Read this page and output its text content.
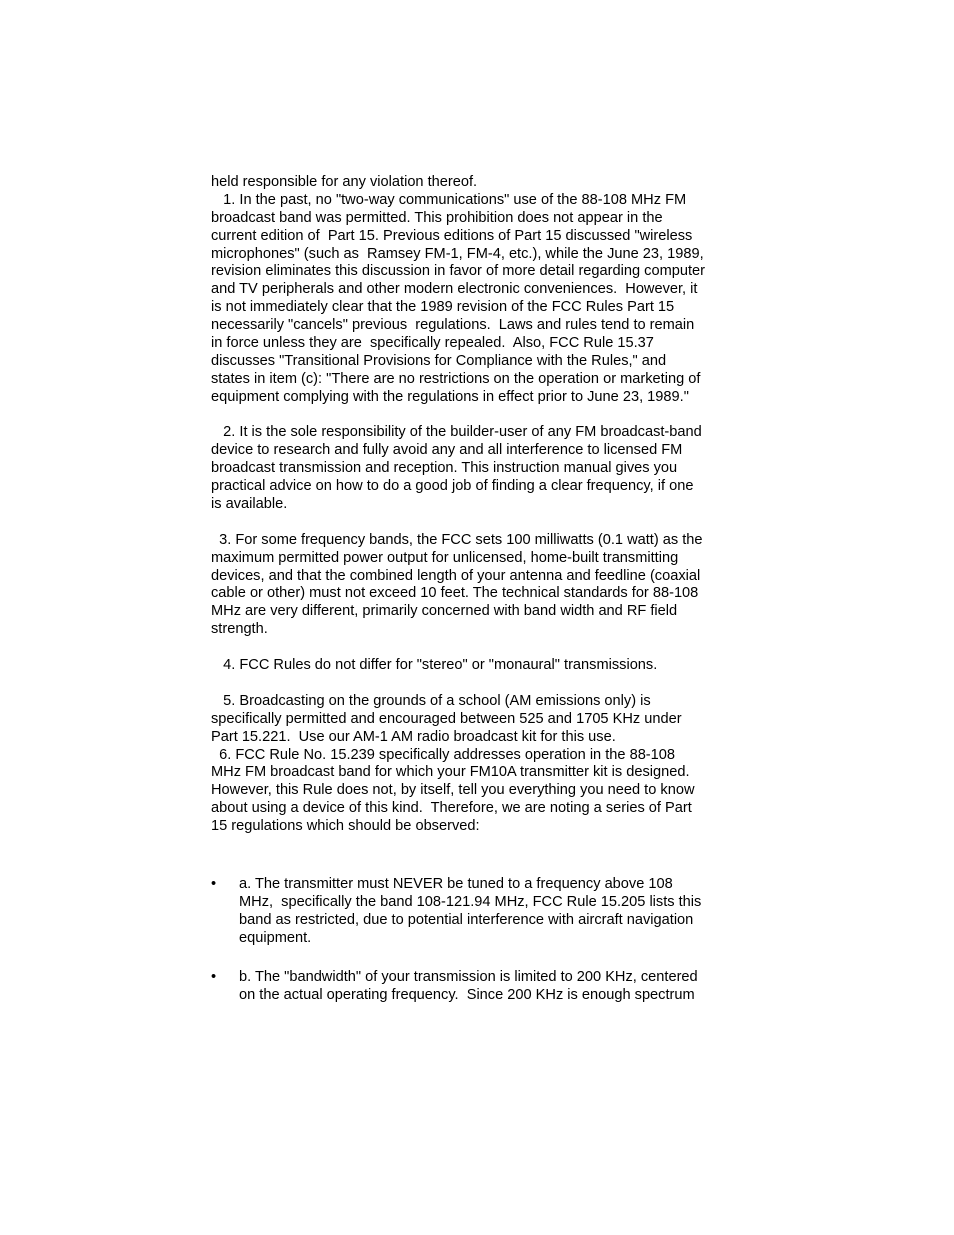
held responsible for any violation thereof.
1. In the past, no "two-way communications" use of the 88-108 MHz FM
broadcast band was permitted. This prohibition does not appear in the
current edition of  Part 15. Previous editions of Part 15 discussed "wireless
microphones" (such as  Ramsey FM-1, FM-4, etc.), while the June 23, 1989,
revision eliminates this discussion in favor of more detail regarding computer
and TV peripherals and other modern electronic conveniences.  However, it
is not immediately clear that the 1989 revision of the FCC Rules Part 15
necessarily "cancels" previous  regulations.  Laws and rules tend to remain
in force unless they are  specifically repealed.  Also, FCC Rule 15.37
discusses "Transitional Provisions for Compliance with the Rules," and
states in item (c): "There are no restrictions on the operation or marketing of
equipment complying with the regulations in effect prior to June 23, 1989."
2. It is the sole responsibility of the builder-user of any FM broadcast-band
device to research and fully avoid any and all interference to licensed FM
broadcast transmission and reception. This instruction manual gives you
practical advice on how to do a good job of finding a clear frequency, if one
is available.
3. For some frequency bands, the FCC sets 100 milliwatts (0.1 watt) as the
maximum permitted power output for unlicensed, home-built transmitting
devices, and that the combined length of your antenna and feedline (coaxial
cable or other) must not exceed 10 feet. The technical standards for 88-108
MHz are very different, primarily concerned with band width and RF field
strength.
4. FCC Rules do not differ for "stereo" or "monaural" transmissions.
5. Broadcasting on the grounds of a school (AM emissions only) is
specifically permitted and encouraged between 525 and 1705 KHz under
Part 15.221.  Use our AM-1 AM radio broadcast kit for this use.
6. FCC Rule No. 15.239 specifically addresses operation in the 88-108
MHz FM broadcast band for which your FM10A transmitter kit is designed.
However, this Rule does not, by itself, tell you everything you need to know
about using a device of this kind.  Therefore, we are noting a series of Part
15 regulations which should be observed:
• a. The transmitter must NEVER be tuned to a frequency above 108
MHz,  specifically the band 108-121.94 MHz, FCC Rule 15.205 lists this
band as restricted, due to potential interference with aircraft navigation
equipment.
• b. The "bandwidth" of your transmission is limited to 200 KHz, centered
on the actual operating frequency.  Since 200 KHz is enough spectrum
